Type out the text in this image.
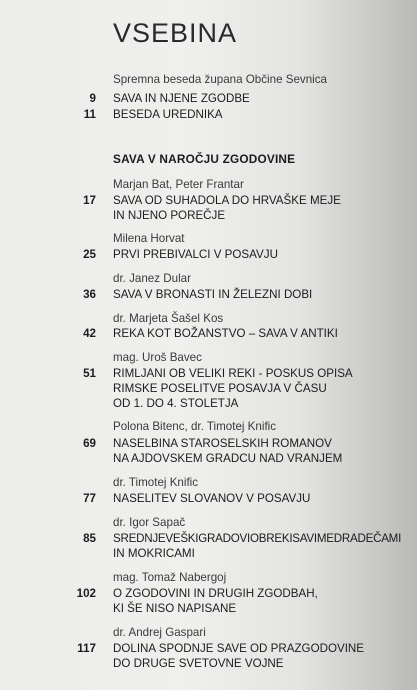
VSEBINA
Spremna beseda župana Občine Sevnica
9 SAVA IN NJENE ZGODBE
11 BESEDA UREDNIKA
SAVA V NAROČJU ZGODOVINE
Marjan Bat, Peter Frantar
17 SAVA OD SUHADOLA DO HRVAŠKE MEJE
IN NJENO POREČJE
Milena Horvat
25 PRVI PREBIVALCI V POSAVJU
dr. Janez Dular
36 SAVA V BRONASTI IN ŽELEZNI DOBI
dr. Marjeta Šašel Kos
42 REKA KOT BOŽANSTVO – SAVA V ANTIKI
mag. Uroš Bavec
51 RIMLJANI OB VELIKI REKI - POSKUS OPISA
RIMSKE POSELITVE POSAVJA V ČASU
OD 1. DO 4. STOLETJA
Polona Bitenc, dr. Timotej Knific
69 NASELBINA STAROSELSKIH ROMANOV
NA AJDOVSKEM GRADCU NAD VRANJEM
dr. Timotej Knific
77 NASELITEV SLOVANOV V POSAVJU
dr. Igor Sapač
85 SREDNJEVEŠKIGRADOVIOBREKISAVIMEDRADEČAMI
IN MOKRICAMI
mag. Tomaž Nabergoj
102 O ZGODOVINI IN DRUGIH ZGODBAH,
KI ŠE NISO NAPISANE
dr. Andrej Gaspari
117 DOLINA SPODNJE SAVE OD PRAZGODOVINE
DO DRUGE SVETOVNE VOJNE
